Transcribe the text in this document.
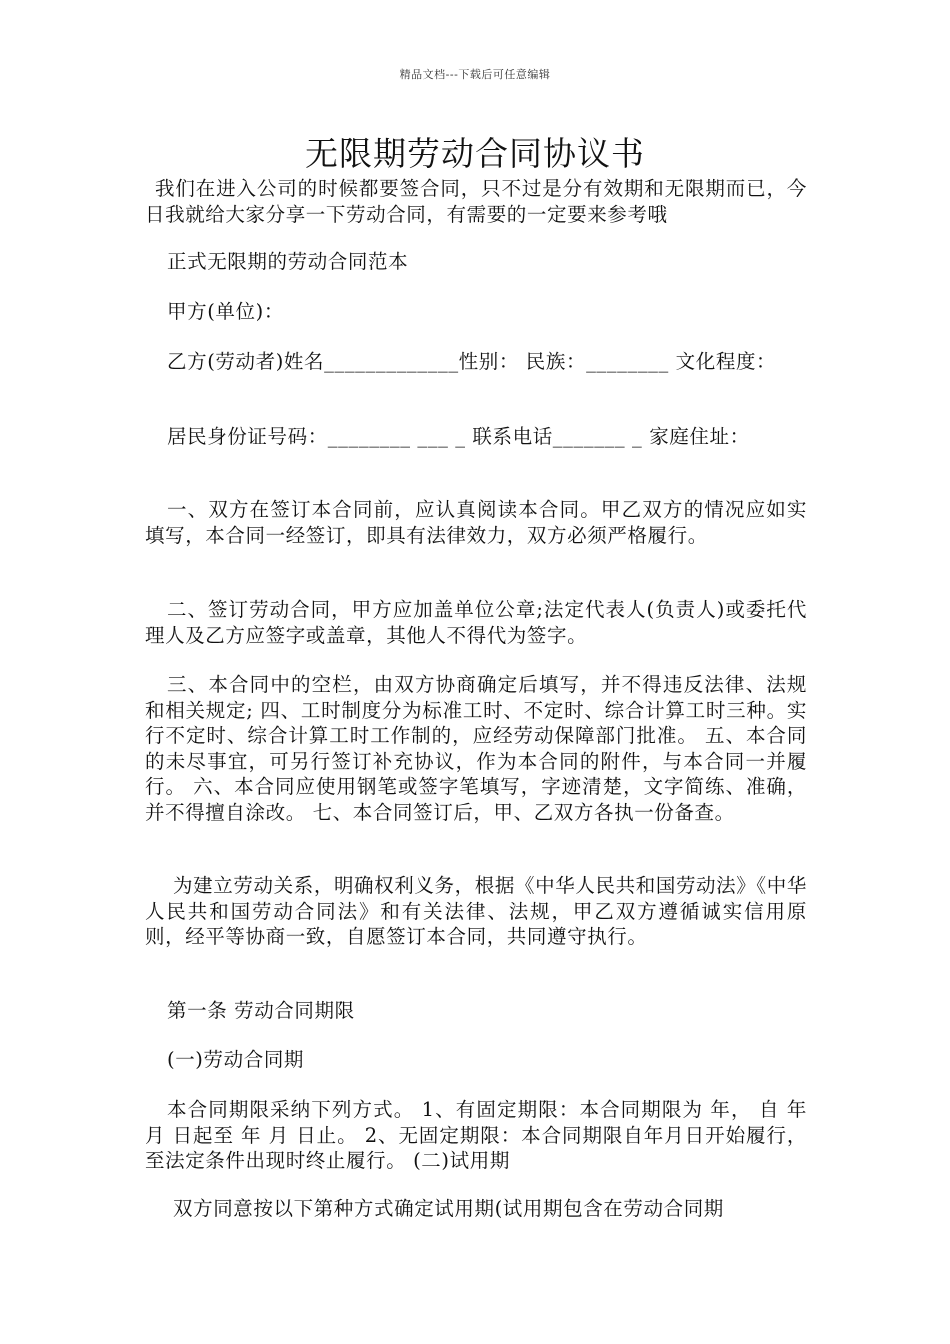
精品文档---下载后可任意编辑
无限期劳动合同协议书
我们在进入公司的时候都要签合同，只不过是分有效期和无限期而已，今日我就给大家分享一下劳动合同，有需要的一定要来参考哦
正式无限期的劳动合同范本
甲方(单位)：
乙方(劳动者)姓名_____________性别： 民族：________ 文化程度：
居民身份证号码：________ ___ _ 联系电话_______ _ 家庭住址：
一、双方在签订本合同前，应认真阅读本合同。甲乙双方的情况应如实填写，本合同一经签订，即具有法律效力，双方必须严格履行。
二、签订劳动合同，甲方应加盖单位公章;法定代表人(负责人)或委托代理人及乙方应签字或盖章，其他人不得代为签字。
三、本合同中的空栏，由双方协商确定后填写，并不得违反法律、法规和相关规定; 四、工时制度分为标准工时、不定时、综合计算工时三种。实行不定时、综合计算工时工作制的，应经劳动保障部门批准。 五、本合同的未尽事宜，可另行签订补充协议，作为本合同的附件，与本合同一并履行。 六、本合同应使用钢笔或签字笔填写，字迹清楚，文字简练、准确，并不得擅自涂改。 七、本合同签订后，甲、乙双方各执一份备查。
为建立劳动关系，明确权利义务，根据《中华人民共和国劳动法》《中华人民共和国劳动合同法》和有关法律、法规，甲乙双方遵循诚实信用原则，经平等协商一致，自愿签订本合同，共同遵守执行。
第一条 劳动合同期限
(一)劳动合同期
本合同期限采纳下列方式。 1、有固定期限：本合同期限为 年， 自 年 月 日起至 年 月 日止。 2、无固定期限：本合同期限自年月日开始履行，至法定条件出现时终止履行。 (二)试用期
双方同意按以下第种方式确定试用期(试用期包含在劳动合同期
